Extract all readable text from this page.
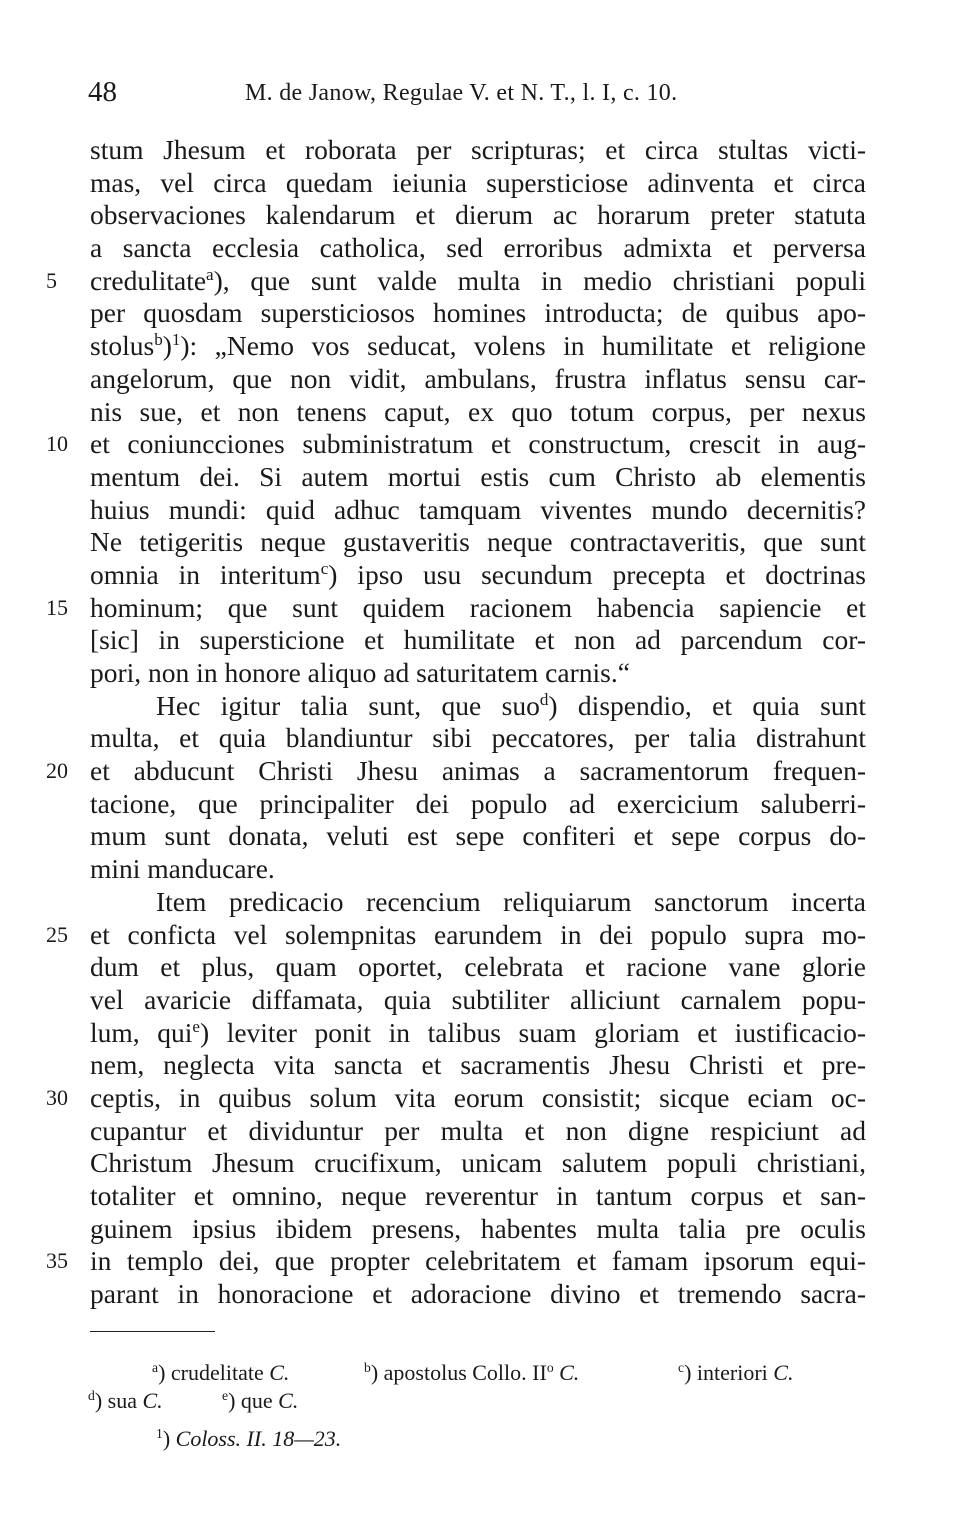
48	M. de Janow, Regulae V. et N. T., l. I, c. 10.
stum Jhesum et roborata per scripturas; et circa stultas victi-
mas, vel circa quedam ieiunia supersticiose adinventa et circa
observaciones kalendarum et dierum ac horarum preter statuta
a sancta ecclesia catholica, sed erroribus admixta et perversa
5	credulitate$^a$), que sunt valde multa in medio christiani populi
per quosdam supersticiosos homines introducta; de quibus apo-
stolus$^b$)$^1$): „Nemo vos seducat, volens in humilitate et religione
angelorum, que non vidit, ambulans, frustra inflatus sensu car-
nis sue, et non tenens caput, ex quo totum corpus, per nexus
10 et coniuncciones subministratum et constructum, crescit in aug-
mentum dei. Si autem mortui estis cum Christo ab elementis
huius mundi: quid adhuc tamquam viventes mundo decernitis?
Ne tetigeritis neque gustaveritis neque contractaveritis, que sunt
omnia in interitum$^c$) ipso usu secundum precepta et doctrinas
15 hominum; que sunt quidem racionem habencia sapiencie et
[sic] in supersticione et humilitate et non ad parcendum cor-
pori, non in honore aliquo ad saturitatem carnis.“
Hec igitur talia sunt, que suo$^d$) dispendio, et quia sunt
multa, et quia blandiuntur sibi peccatores, per talia distrahunt
20 et abducunt Christi Jhesu animas a sacramentorum frequen-
tacione, que principaliter dei populo ad exercicium saluberri-
mum sunt donata, veluti est sepe confiteri et sepe corpus do-
mini manducare.
Item predicacio recencium reliquiarum sanctorum incerta
25 et conficta vel solempnitas earundem in dei populo supra mo-
dum et plus, quam oportet, celebrata et racione vane glorie
vel avaricie diffamata, quia subtiliter alliciunt carnalem popu-
lum, qui$^e$) leviter ponit in talibus suam gloriam et iustificacio-
nem, neglecta vita sancta et sacramentis Jhesu Christi et pre-
30 ceptis, in quibus solum vita eorum consistit; sicque eciam oc-
cupantur et dividuntur per multa et non digne respiciunt ad
Christum Jhesum crucifixum, unicam salutem populi christiani,
totaliter et omnino, neque reverentur in tantum corpus et san-
guinem ipsius ibidem presens, habentes multa talia pre oculis
35 in templo dei, que propter celebritatem et famam ipsorum equi-
parant in honoracione et adoracione divino et tremendo sacra-
$^a$) crudelitate C.	$^b$) apostolus Collo. $II^o$ C.	$^c$) interiori C.
$^d$) sua C.	$^e$) que C.
$^1$) Coloss. II. 18—23.
